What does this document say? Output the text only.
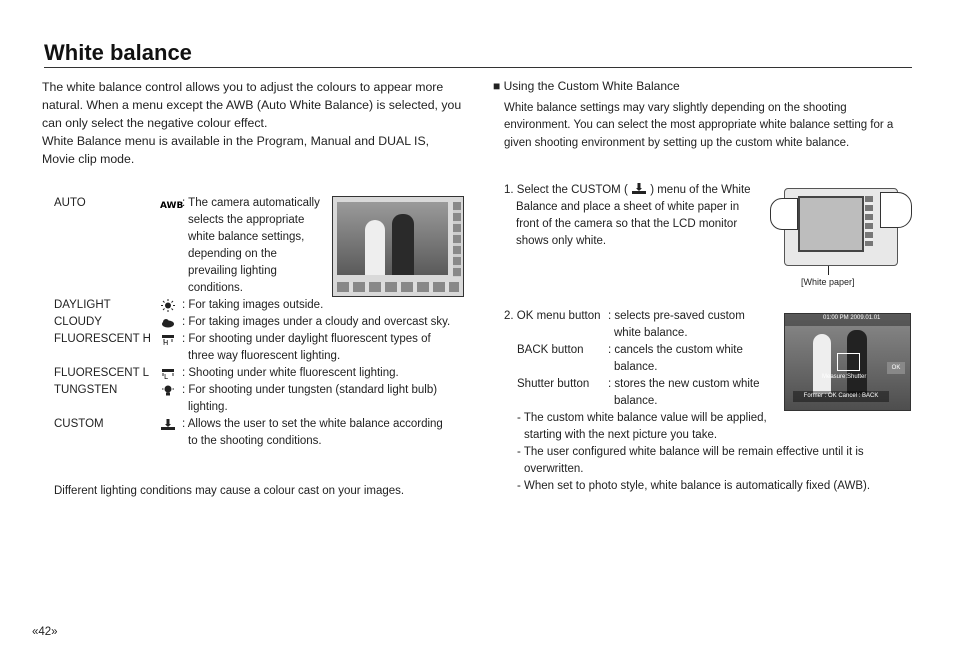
White balance

The white balance control allows you to adjust the colours to appear more natural. When a menu except the AWB (Auto White Balance) is selected, you can only select the negative colour effect.

White Balance menu is available in the Program, Manual and DUAL IS, Movie clip mode.

AUTO	AWB
: The camera automatically
selects the appropriate
white balance settings,
depending on the
prevailing lighting
conditions.
DAYLIGHT	: For taking images outside.
CLOUDY	: For taking images under a cloudy and overcast sky.
FLUORESCENT H	H : For shooting under daylight fluorescent types of
three way fluorescent lighting.
FLUORESCENT L	L : Shooting under white fluorescent lighting.
TUNGSTEN	: For shooting under tungsten (standard light bulb)
lighting.
CUSTOM	: Allows the user to set the white balance according
to the shooting conditions.
Different lighting conditions may cause a colour cast on your images.
■ Using the Custom White Balance

White balance settings may vary slightly depending on the shooting environment. You can select the most appropriate white balance setting for a given shooting environment by setting up the custom white balance.

1. Select the CUSTOM ( ) menu of the White
Balance and place a sheet of white paper in
front of the camera so that the LCD monitor
shows only white.
[White paper]
2. OK menu button : selects pre-saved custom
white balance.
BACK button : cancels the custom white
balance.
Shutter button : stores the new custom white
balance.
01:00 PM 2009.01.01
Measure:Shutter
OK
Former : OK Cancel : BACK
- The custom white balance value will be applied,
starting with the next picture you take.
- The user configured white balance will be remain effective until it is
overwritten.
- When set to photo style, white balance is automatically fixed (AWB).
«42»
